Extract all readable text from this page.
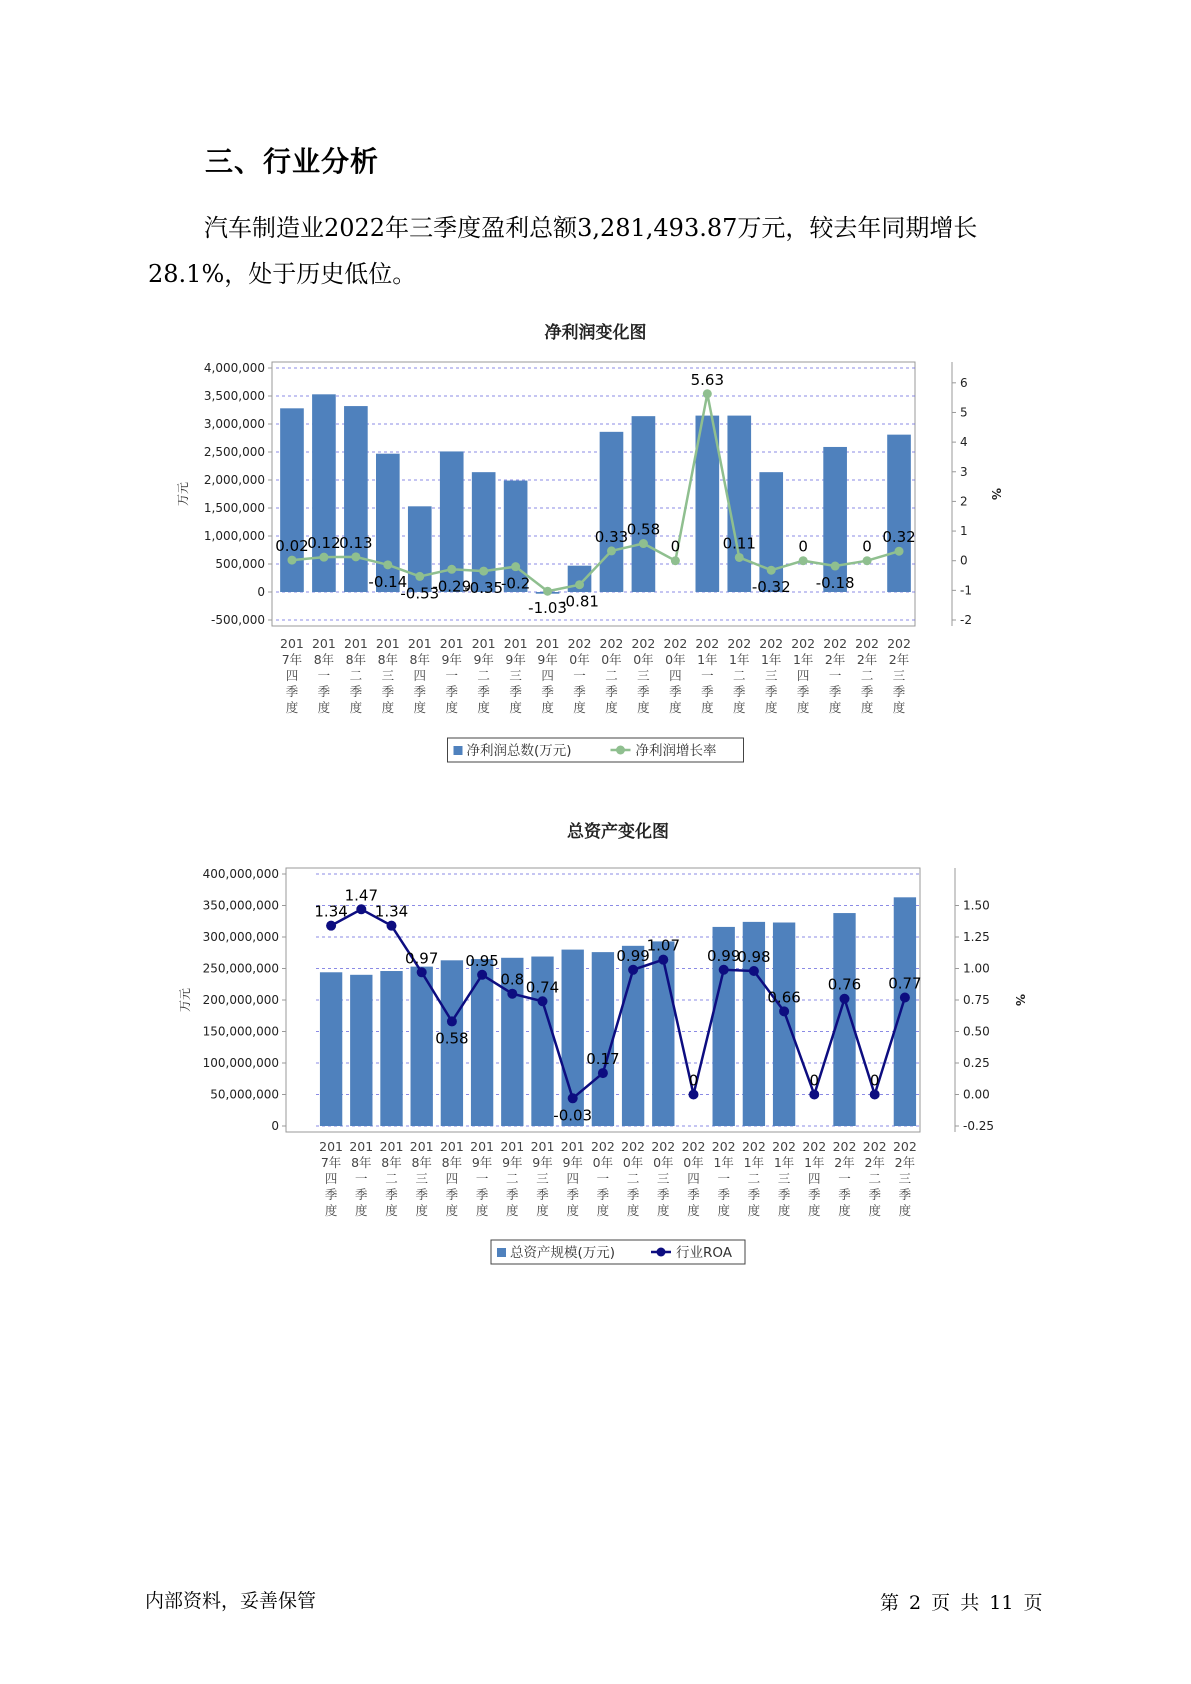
三、行业分析
汽车制造业2022年三季度盈利总额3,281,493.87万元，较去年同期增长28.1%，处于历史低位。
净利润变化图
-500,000
0
500,000
1,000,000
1,500,000
2,000,000
2,500,000
3,000,000
3,500,000
4,000,000
-2
-1
0
1
2
3
4
5
6
万元	%
0.02
0.12
0.13
-0.14
-0.53
-0.29
-0.35
-0.2
-1.03
-0.81
0.33
0.58
0
5.63
0.11
-0.32
0
-0.18
0
0.32
201
7年
四
季
度
201
8年
一
季
度
201
8年
二
季
度
201
8年
三
季
度
201
8年
四
季
度
201
9年
一
季
度
201
9年
二
季
度
201
9年
三
季
度
201
9年
四
季
度
202
0年
一
季
度
202
0年
二
季
度
202
0年
三
季
度
202
0年
四
季
度
202
1年
一
季
度
202
1年
二
季
度
202
1年
三
季
度
202
1年
四
季
度
202
2年
一
季
度
202
2年
二
季
度
202
2年
三
季
度
净利润总数(万元)	净利润增长率
总资产变化图
0
50,000,000
100,000,000
150,000,000
200,000,000
250,000,000
300,000,000
350,000,000
400,000,000
-0.25
0.00
0.25
0.50
0.75
1.00
1.25
1.50
万元	%
1.34
1.47
1.34
0.97
0.58
0.95
0.8 0.74
-0.03
0.17
0.99
1.07
0
0.99
0.98
0.66
0
0.76
0
0.77
201
7年
四
季
度
201
8年
一
季
度
201
8年
二
季
度
201
8年
三
季
度
201
8年
四
季
度
201
9年
一
季
度
201
9年
二
季
度
201
9年
三
季
度
201
9年
四
季
度
202
0年
一
季
度
202
0年
二
季
度
202
0年
三
季
度
202
0年
四
季
度
202
1年
一
季
度
202
1年
二
季
度
202
1年
三
季
度
202
1年
四
季
度
202
2年
一
季
度
202
2年
二
季
度
202
2年
三
季
度
总资产规模(万元)	行业ROA
内部资料，妥善保管	第 2 页 共 11 页
